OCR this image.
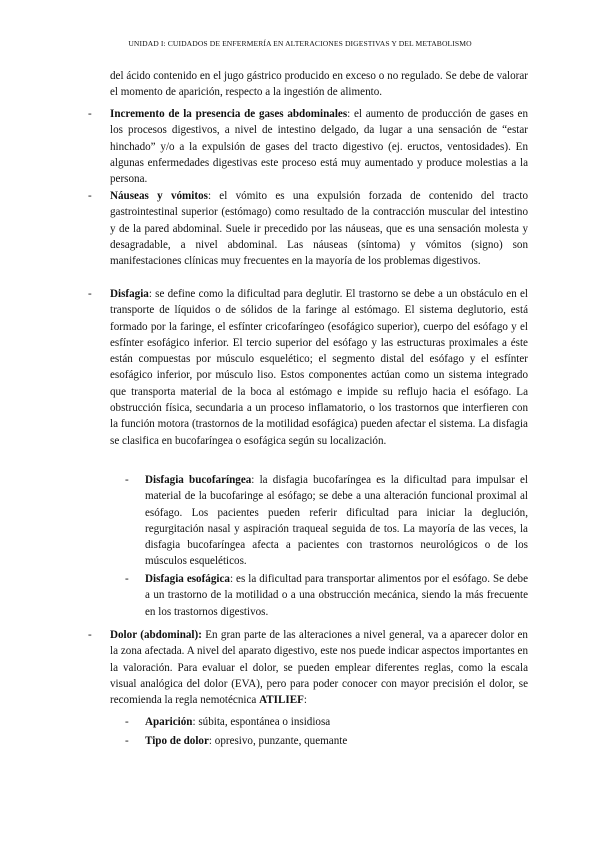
UNIDAD I: CUIDADOS DE ENFERMERÍA EN ALTERACIONES DIGESTIVAS Y DEL METABOLISMO

del ácido contenido en el jugo gástrico producido en exceso o no regulado. Se debe de valorar el momento de aparición, respecto a la ingestión de alimento.

- Incremento de la presencia de gases abdominales: el aumento de producción de gases en los procesos digestivos, a nivel de intestino delgado, da lugar a una sensación de “estar hinchado” y/o a la expulsión de gases del tracto digestivo (ej. eructos, ventosidades). En algunas enfermedades digestivas este proceso está muy aumentado y produce molestias a la persona.

- Náuseas y vómitos: el vómito es una expulsión forzada de contenido del tracto gastrointestinal superior (estómago) como resultado de la contracción muscular del intestino y de la pared abdominal. Suele ir precedido por las náuseas, que es una sensación molesta y desagradable, a nivel abdominal. Las náuseas (síntoma) y vómitos (signo) son manifestaciones clínicas muy frecuentes en la mayoría de los problemas digestivos.

- Disfagia: se define como la dificultad para deglutir. El trastorno se debe a un obstáculo en el transporte de líquidos o de sólidos de la faringe al estómago. El sistema deglutorio, está formado por la faringe, el esfínter cricofaríngeo (esofágico superior), cuerpo del esófago y el esfínter esofágico inferior. El tercio superior del esófago y las estructuras proximales a éste están compuestas por músculo esquelético; el segmento distal del esófago y el esfínter esofágico inferior, por músculo liso. Estos componentes actúan como un sistema integrado que transporta material de la boca al estómago e impide su reflujo hacia el esófago. La obstrucción física, secundaria a un proceso inflamatorio, o los trastornos que interfieren con la función motora (trastornos de la motilidad esofágica) pueden afectar el sistema. La disfagia se clasifica en bucofaríngea o esofágica según su localización.

- Disfagia bucofaríngea: la disfagia bucofaríngea es la dificultad para impulsar el material de la bucofaringe al esófago; se debe a una alteración funcional proximal al esófago. Los pacientes pueden referir dificultad para iniciar la deglución, regurgitación nasal y aspiración traqueal seguida de tos. La mayoría de las veces, la disfagia bucofaríngea afecta a pacientes con trastornos neurológicos o de los músculos esqueléticos.

- Disfagia esofágica: es la dificultad para transportar alimentos por el esófago. Se debe a un trastorno de la motilidad o a una obstrucción mecánica, siendo la más frecuente en los trastornos digestivos.

- Dolor (abdominal): En gran parte de las alteraciones a nivel general, va a aparecer dolor en la zona afectada. A nivel del aparato digestivo, este nos puede indicar aspectos importantes en la valoración. Para evaluar el dolor, se pueden emplear diferentes reglas, como la escala visual analógica del dolor (EVA), pero para poder conocer con mayor precisión el dolor, se recomienda la regla nemotécnica ATILIEF:

- Aparición: súbita, espontánea o insidiosa

- Tipo de dolor: opresivo, punzante, quemante
